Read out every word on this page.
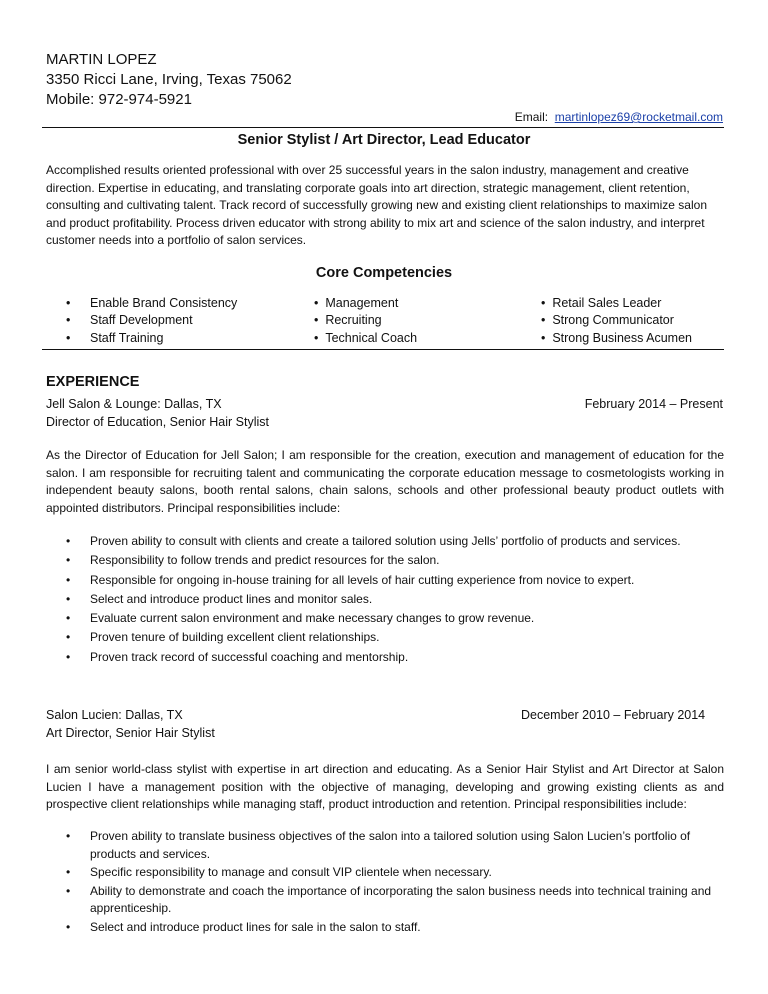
MARTIN LOPEZ
3350 Ricci Lane, Irving, Texas 75062
Mobile: 972-974-5921
Email: martinlopez69@rocketmail.com
Senior Stylist / Art Director, Lead Educator
Accomplished results oriented professional with over 25 successful years in the salon industry, management and creative direction. Expertise in educating, and translating corporate goals into art direction, strategic management, client retention, consulting and cultivating talent. Track record of successfully growing new and existing client relationships to maximize salon and product profitability. Process driven educator with strong ability to mix art and science of the salon industry, and interpret customer needs into a portfolio of salon services.
Core Competencies
• Enable Brand Consistency
• Staff Development
• Staff Training
•  Management
•  Recruiting
•  Technical Coach
•  Retail Sales Leader
•  Strong Communicator
•  Strong Business Acumen
EXPERIENCE
Jell Salon & Lounge: Dallas, TX	February 2014 – Present
Director of Education, Senior Hair Stylist
As the Director of Education for Jell Salon; I am responsible for the creation, execution and management of education for the salon. I am responsible for recruiting talent and communicating the corporate education message to cosmetologists working in independent beauty salons, booth rental salons, chain salons, schools and other professional beauty product outlets with appointed distributors. Principal responsibilities include:
• Proven ability to consult with clients and create a tailored solution using Jells’ portfolio of products and services.
• Responsibility to follow trends and predict resources for the salon.
• Responsible for ongoing in-house training for all levels of hair cutting experience from novice to expert.
• Select and introduce product lines and monitor sales.
• Evaluate current salon environment and make necessary changes to grow revenue.
• Proven tenure of building excellent client relationships.
• Proven track record of successful coaching and mentorship.
Salon Lucien: Dallas, TX	December 2010 – February 2014
Art Director, Senior Hair Stylist
I am senior world-class stylist with expertise in art direction and educating. As a Senior Hair Stylist and Art Director at Salon Lucien I have a management position with the objective of managing, developing and growing existing clients as and prospective client relationships while managing staff, product introduction and retention. Principal responsibilities include:
• Proven ability to translate business objectives of the salon into a tailored solution using Salon Lucien’s portfolio of products and services.
• Specific responsibility to manage and consult VIP clientele when necessary.
• Ability to demonstrate and coach the importance of incorporating the salon business needs into technical training and apprenticeship.
• Select and introduce product lines for sale in the salon to staff.
